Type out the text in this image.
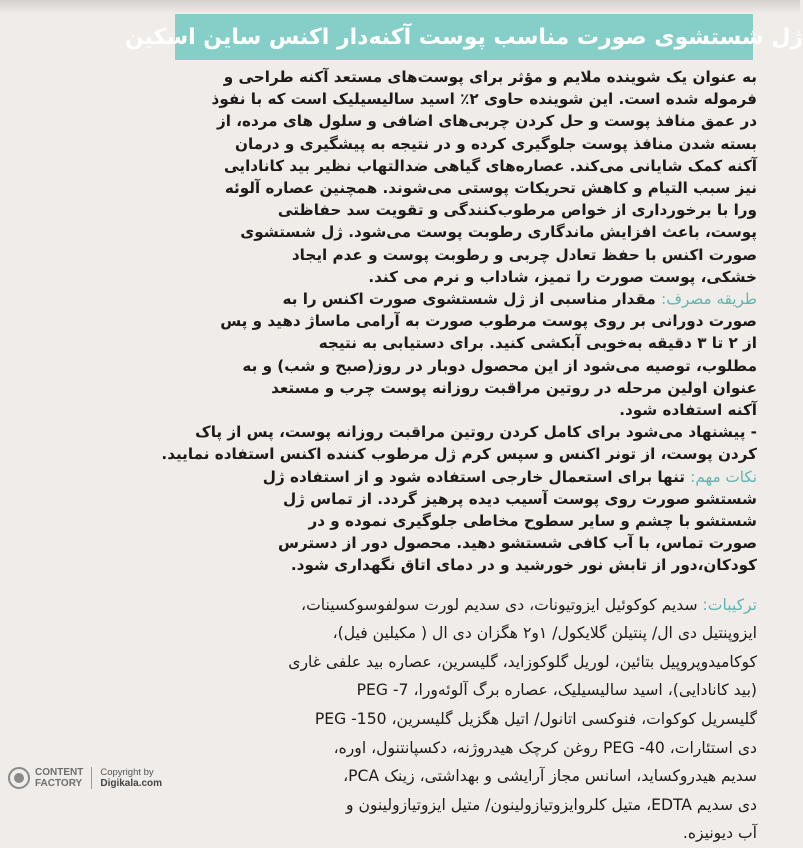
ژل شستشوی صورت مناسب پوست آکنه‌دار اکنس ساین اسکین
به عنوان یک شوینده ملایم و مؤثر برای پوست‌های مستعد آکنه طراحی و
فرموله شده است. این شوینده حاوی ۲٪ اسید سالیسیلیک است که با نفوذ
در عمق منافذ پوست و حل کردن چربی‌های اضافی و سلول های مرده، از
بسته شدن منافذ پوست جلوگیری کرده و در نتیجه به پیشگیری و درمان
آکنه کمک شایانی می‌کند. عصاره‌های گیاهی ضدالتهاب نظیر بید کانادایی
نیز سبب التیام و کاهش تحریکات پوستی می‌شوند. همچنین عصاره آلوئه
ورا با برخورداری از خواص مرطوب‌کنندگی و تقویت سد حفاظتی
پوست، باعث افزایش ماندگاری رطوبت پوست می‌شود. ژل شستشوی
صورت اکنس با حفظ تعادل چربی و رطوبت پوست و عدم ایجاد
خشکی، پوست صورت را تمیز، شاداب و نرم می کند.
طریقه مصرف: مقدار مناسبی از ژل شستشوی صورت اکنس را به
صورت دورانی بر روی پوست مرطوب صورت به آرامی ماساژ دهید و پس
از ۲ تا ۳ دقیقه به‌خوبی آبکشی کنید. برای دستیابی به نتیجه
مطلوب، توصیه می‌شود از این محصول دوبار در روز(صبح و شب) و به
عنوان اولین مرحله در روتین مراقبت روزانه پوست چرب و مستعد
آکنه استفاده شود.
- پیشنهاد می‌شود برای کامل کردن روتین مراقبت روزانه پوست، پس از پاک
کردن پوست، از تونر اکنس و سپس کرم ژل مرطوب کننده اکنس استفاده نمایید.
نکات مهم: تنها برای استعمال خارجی استفاده شود و از استفاده ژل
شستشو صورت روی پوست آسیب دیده پرهیز گردد. از تماس ژل
شستشو با چشم و سایر سطوح مخاطی جلوگیری نموده و در
صورت تماس، با آب کافی شستشو دهید. محصول دور از دسترس
کودکان،دور از تابش نور خورشید و در دمای اتاق نگهداری شود.
ترکیبات: سدیم کوکوئیل ایزوتیونات، دی سدیم لورت سولفوسوکسینات،
ایزوپنتیل دی ال/ پنتیلن گلایکول/ ۱و۲ هگزان دی ال ( مکیلین فیل)،
کوکامیدوپروپیل بتائین، لوریل گلوکوزاید، گلیسرین، عصاره بید علفی غاری
(بید کانادایی)، اسید سالیسیلیک، عصاره برگ آلوئه‌ورا، PEG -7
گلیسریل کوکوات، فنوکسی اتانول/ اتیل هگزیل گلیسرین، PEG -150
دی استئارات، PEG -40 روغن کرچک هیدروژنه، دکسپانتنول، اوره،
سدیم هیدروکساید، اسانس مجاز آرایشی و بهداشتی، زینک PCA،
دی سدیم EDTA، متیل کلروایزوتیازولینون/ متیل ایزوتیازولینون و
آب دیونیزه.
CONTENT
FACTORY
Copyright by
Digikala.com
